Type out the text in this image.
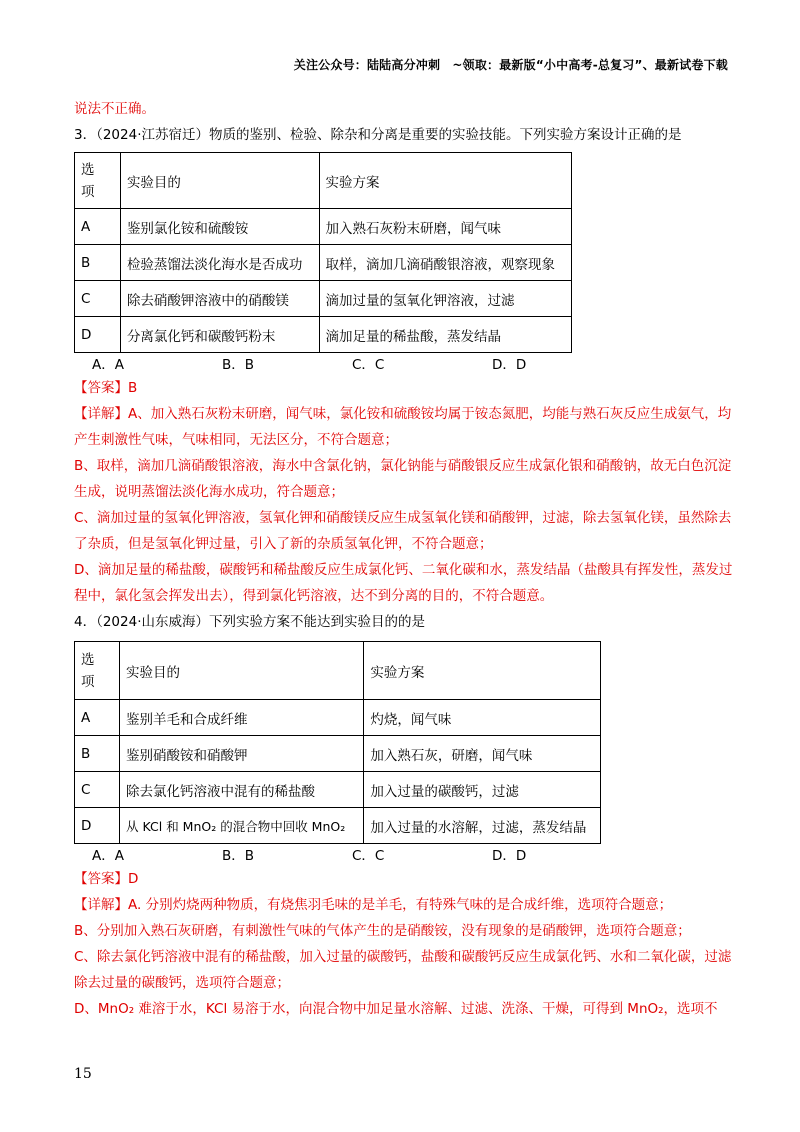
关注公众号：陆陆高分冲刺　~领取：最新版“小中高考-总复习”、最新试卷下载

说法不正确。

3．（2024·江苏宿迁）物质的鉴别、检验、除杂和分离是重要的实验技能。下列实验方案设计正确的是

选
项	实验目的	实验方案
A	鉴别氯化铵和硫酸铵	加入熟石灰粉末研磨，闻气味
B	检验蒸馏法淡化海水是否成功	取样，滴加几滴硝酸银溶液，观察现象
C	除去硝酸钾溶液中的硝酸镁	滴加过量的氢氧化钾溶液，过滤
D	分离氯化钙和碳酸钙粉末	滴加足量的稀盐酸，蒸发结晶
A．A	B．B	C．C	D．D

【答案】B

【详解】A、加入熟石灰粉末研磨，闻气味，氯化铵和硫酸铵均属于铵态氮肥，均能与熟石灰反应生成氨气，均产生刺激性气味，气味相同，无法区分，不符合题意；

B、取样，滴加几滴硝酸银溶液，海水中含氯化钠，氯化钠能与硝酸银反应生成氯化银和硝酸钠，故无白色沉淀生成，说明蒸馏法淡化海水成功，符合题意；

C、滴加过量的氢氧化钾溶液，氢氧化钾和硝酸镁反应生成氢氧化镁和硝酸钾，过滤，除去氢氧化镁，虽然除去了杂质，但是氢氧化钾过量，引入了新的杂质氢氧化钾，不符合题意；

D、滴加足量的稀盐酸，碳酸钙和稀盐酸反应生成氯化钙、二氧化碳和水，蒸发结晶（盐酸具有挥发性，蒸发过程中，氯化氢会挥发出去），得到氯化钙溶液，达不到分离的目的，不符合题意。

4．（2024·山东威海）下列实验方案不能达到实验目的的是

选
项	实验目的	实验方案
A	鉴别羊毛和合成纤维	灼烧，闻气味
B	鉴别硝酸铵和硝酸钾	加入熟石灰，研磨，闻气味
C	除去氯化钙溶液中混有的稀盐酸	加入过量的碳酸钙，过滤
D	从 KCl 和 MnO₂ 的混合物中回收 MnO₂	加入过量的水溶解，过滤，蒸发结晶
A．A	B．B	C．C	D．D

【答案】D

【详解】A. 分别灼烧两种物质，有烧焦羽毛味的是羊毛，有特殊气味的是合成纤维，选项符合题意；

B、分别加入熟石灰研磨，有刺激性气味的气体产生的是硝酸铵，没有现象的是硝酸钾，选项符合题意；

C、除去氯化钙溶液中混有的稀盐酸，加入过量的碳酸钙，盐酸和碳酸钙反应生成氯化钙、水和二氧化碳，过滤除去过量的碳酸钙，选项符合题意；

D、MnO₂ 难溶于水，KCl 易溶于水，向混合物中加足量水溶解、过滤、洗涤、干燥，可得到 MnO₂，选项不

15
